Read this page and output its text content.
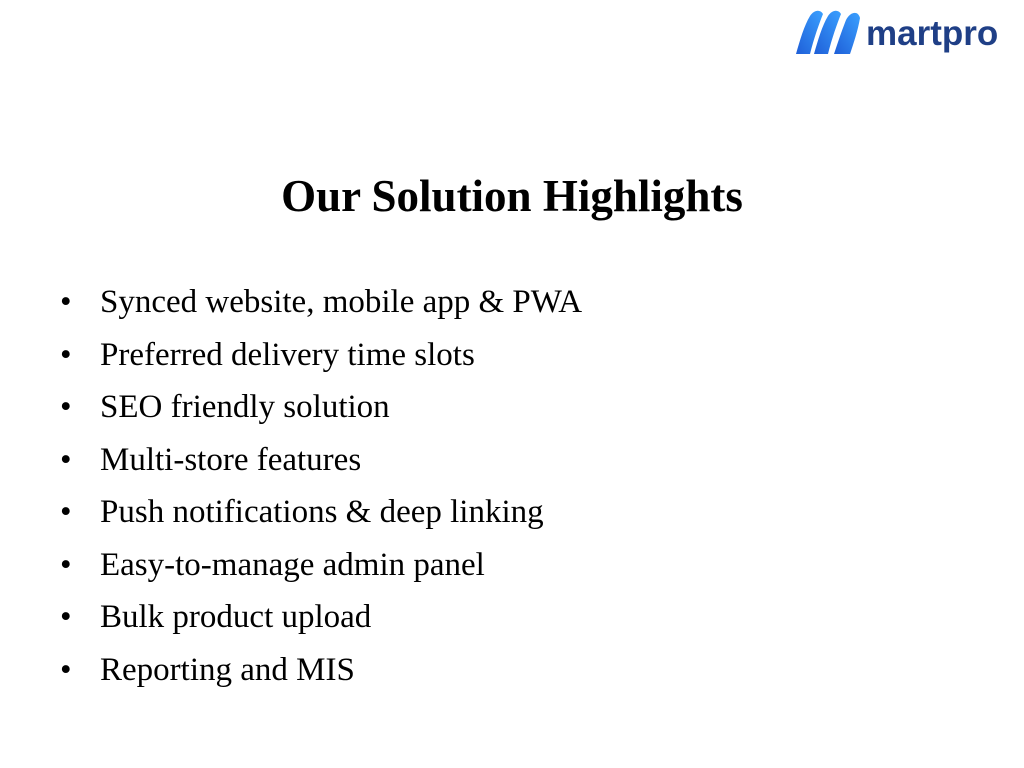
martpro
Our Solution Highlights
• Synced website, mobile app & PWA
• Preferred delivery time slots
• SEO friendly solution
• Multi-store features
• Push notifications & deep linking
• Easy-to-manage admin panel
• Bulk product upload
• Reporting and MIS
